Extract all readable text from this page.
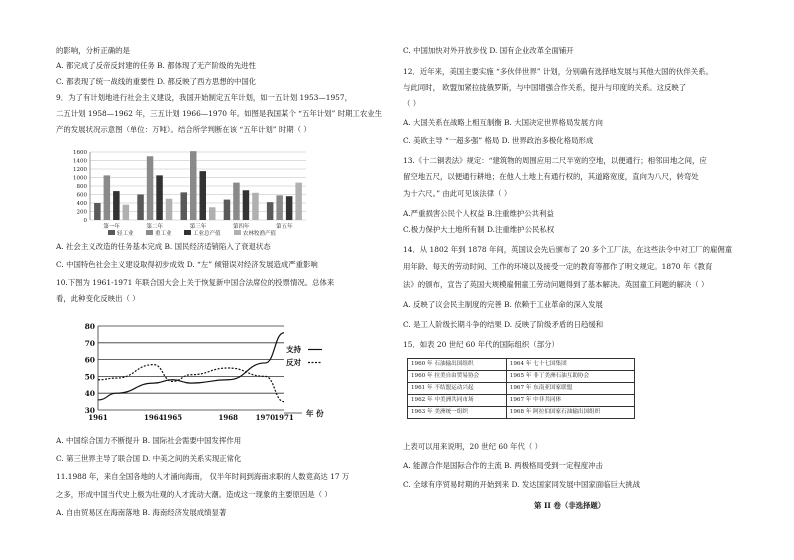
的影响，分析正确的是
A. 都完成了反帝反封建的任务 B. 都体现了无产阶级的先进性
C. 都表现了统一战线的重要性 D. 都反映了西方思想的中国化
9．为了有计划地进行社会主义建设，我国开始制定五年计划，如一五计划 1953—1957，
二五计划 1958—1962 年，三五计划 1966—1970 年。如图是我国某个 “五年计划” 时期工农业生
产的发展状况示意图（单位：万吨）。结合所学判断在该 “五年计划” 时期（ ）
1600
1400
1200
1000
800
600
400
200
0
第一年	第二年	第三年	第四年	第五年
轻工业	重工业	工业总产值	农林牧渔产值
A. 社会主义改造的任务基本完成 B. 国民经济适销陷入了衰退状态
C. 中国特色社会主义建设取得初步成效 D. “左” 倾错误对经济发展造成严重影响
10.下图为 1961-1971 年联合国大会上关于恢复新中国合法席位的投票情况。总体来
看，此种变化反映出（ ）
80
70
60
50
40
30
1961	1964 1965	1968	1970 1971 年 份
支持
反对
A. 中国综合国力不断提升 B. 国际社会需要中国发挥作用
C. 第三世界主导了联合国 D. 中美之间的关系实现正常化
11.1988 年，来自全国各地的人才涌向海南， 仅半年时间到海南求职的人数竟高达 17 万
之多，形成中国当代史上极为壮观的人才流动大潮。造成这一现象的主要原因是（ ）
A. 自由贸易区在海南落地 B. 海南经济发展成绩显著
C. 中国加快对外开放步伐 D. 国有企业改革全面铺开
12．近年来，美国主要实施 “多伙伴世界” 计划，分别确有选择地发展与其他大国的伙伴关系。
与此同时， 欧盟加紧拉拢俄罗斯，与中国增强合作关系，提升与印度的关系。这反映了
（ ）
A. 大国关系在战略上相互制衡 B. 大国决定世界格局发展方向
C. 美欧主导 “一超多强” 格局 D. 世界政治多极化格局形成
13.《十二铜表法》规定：“建筑物的周围应用二尺半宽的空地，以便通行；相邻田地之间，应
留空地五尺，以便通行耕地；在他人土地上有通行权的，其道路宽度，直向为八尺，转弯处
为十六尺。” 由此可见该法律（ ）
A.严重损害公民个人权益 B.注重维护公共利益
C.极力保护大土地所有制 D.注重维护公民私权
14．从 1802 年到 1878 年间，英国议会先后颁布了 20 多个工厂法，在这些法令中对工厂的雇佣童
用年龄、每天的劳动时间、工作的环境以及接受一定的教育等都作了明文规定。1870 年《教育
法》的颁布，宣告了英国大规模雇佣童工劳动问题得到了基本解决。英国童工问题的解决（ ）
A. 反映了议会民主制度的完善 B. 依赖于工业革命的深入发展
C. 是工人阶级长期斗争的结果 D. 反映了阶级矛盾的日趋缓和
15．如表 20 世纪 60 年代的国际组织（部分）
1960 年 石油输出国组织	1964 年 七十七国集团
1960 年 拉美自由贸易协会	1965 年 非丁美洲石油互助协会
1961 年 不结盟运动兴起	1967 年 东南亚国家联盟
1962 年 中美洲共同市场	1967 年 中非共同体
1963 年 美洲统一组织	1968 年 阿拉伯国家石油输出国组织
上表可以用来说明，20 世纪 60 年代（ ）
A. 能源合作是国际合作的主流 B. 两极格局受到一定程度冲击
C. 全球有序贸易时期的开始到来 D. 发达国家同发展中国家面临巨大挑战
第 II 卷（非选择题）
